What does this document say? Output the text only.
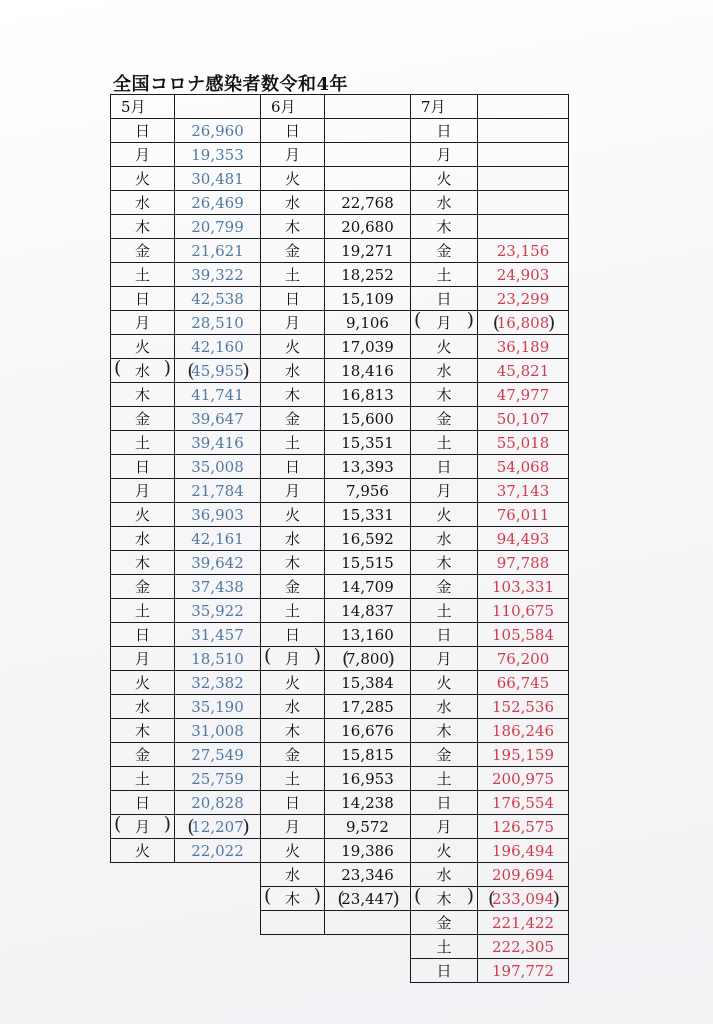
全国コロナ感染者数令和4年
5月	
日	26,960
月	19,353
火	30,481
水	26,469
木	20,799
金	21,621
土	39,322
日	42,538
月	28,510
火	42,160
( 水 )	( 45,955 )
木	41,741
金	39,647
土	39,416
日	35,008
月	21,784
火	36,903
水	42,161
木	39,642
金	37,438
土	35,922
日	31,457
月	18,510
火	32,382
水	35,190
木	31,008
金	27,549
土	25,759
日	20,828
( 月 )	( 12,207 )
火	22,022
6月	
日	
月	
火	
水	22,768
木	20,680
金	19,271
土	18,252
日	15,109
月	9,106
火	17,039
水	18,416
木	16,813
金	15,600
土	15,351
日	13,393
月	7,956
火	15,331
水	16,592
木	15,515
金	14,709
土	14,837
日	13,160
( 月 )	( 7,800 )
火	15,384
水	17,285
木	16,676
金	15,815
土	16,953
日	14,238
月	9,572
火	19,386
水	23,346
( 木 )	( 23,447 )

7月	
日	
月	
火	
水	
木	
金	23,156
土	24,903
日	23,299
( 月 )	( 16,808 )
火	36,189
水	45,821
木	47,977
金	50,107
土	55,018
日	54,068
月	37,143
火	76,011
水	94,493
木	97,788
金	103,331
土	110,675
日	105,584
月	76,200
火	66,745
水	152,536
木	186,246
金	195,159
土	200,975
日	176,554
月	126,575
火	196,494
水	209,694
( 木 )	( 233,094 )
金	221,422
土	222,305
日	197,772
